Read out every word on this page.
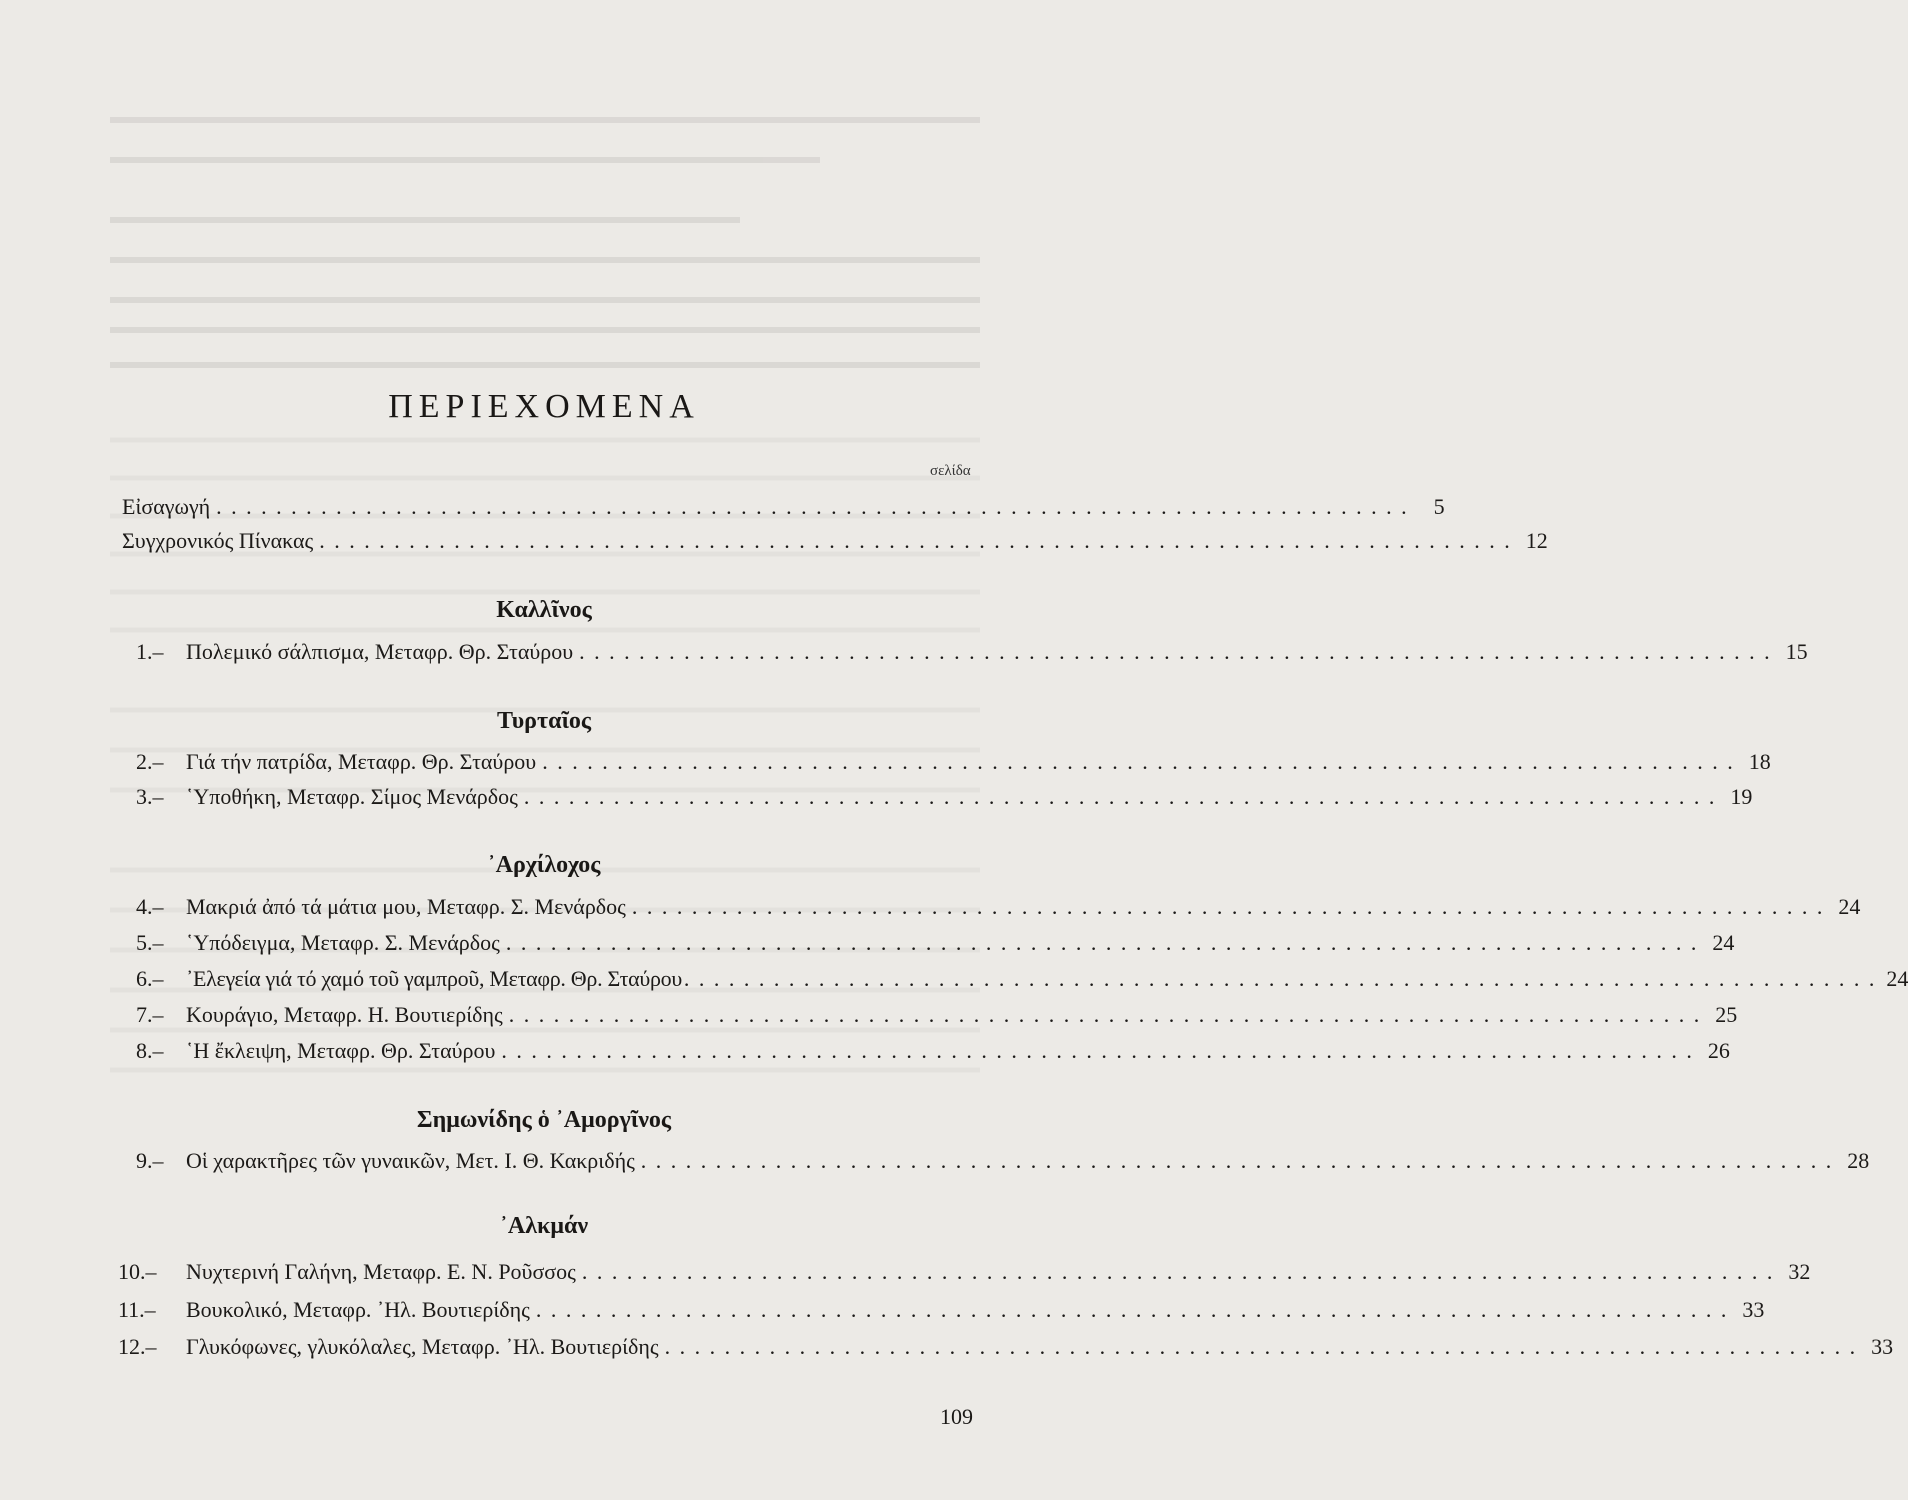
ΠΕΡΙΕΧΟΜΕΝΑ
σελίδα
Εἰσαγωγή . . . . . . . . . . . . . . . . . . . . . . . . . . . . . . . . . . . . . . . . . . . . . . . . . . . . . . . . . . . . . . . . . . . . . . . . . . . . . . . .	5
Συγχρονικός Πίνακας . . . . . . . . . . . . . . . . . . . . . . . . . . . . . . . . . . . . . . . . . . . . . . . . . . . . . . . . . . . . . . . . . . . . . . . . . . . . . . . . 12
Καλλῖνος
1.–	Πολεμικό σάλπισμα, Μεταφρ. Θρ. Σταύρου . . . . . . . . . . . . . . . . . . . . . . . . . . . . . . . . . . . . . . . . . . . . . . . . . . . . . . . . . . . . . . . . . . . . . . . . . . . . . . . . 15
Τυρταῖος
2.–	Γιά τήν πατρίδα, Μεταφρ. Θρ. Σταύρου . . . . . . . . . . . . . . . . . . . . . . . . . . . . . . . . . . . . . . . . . . . . . . . . . . . . . . . . . . . . . . . . . . . . . . . . . . . . . . . . 18
3.–	῾Υποθήκη, Μεταφρ. Σίμος Μενάρδος . . . . . . . . . . . . . . . . . . . . . . . . . . . . . . . . . . . . . . . . . . . . . . . . . . . . . . . . . . . . . . . . . . . . . . . . . . . . . . . . 19
᾿Αρχίλοχος
4.–	Μακριά ἀπό τά μάτια μου, Μεταφρ. Σ. Μενάρδος . . . . . . . . . . . . . . . . . . . . . . . . . . . . . . . . . . . . . . . . . . . . . . . . . . . . . . . . . . . . . . . . . . . . . . . . . . . . . . . . 24
5.–	῾Υπόδειγμα, Μεταφρ. Σ. Μενάρδος . . . . . . . . . . . . . . . . . . . . . . . . . . . . . . . . . . . . . . . . . . . . . . . . . . . . . . . . . . . . . . . . . . . . . . . . . . . . . . . . 24
6.–	᾿Ελεγεία γιά τό χαμό τοῦ γαμπροῦ, Μεταφρ. Θρ. Σταύρου . . . . . . . . . . . . . . . . . . . . . . . . . . . . . . . . . . . . . . . . . . . . . . . . . . . . . . . . . . . . . . . . . . . . . . . . . . . . . . . . 24
7.–	Κουράγιο, Μεταφρ. Η. Βουτιερίδης . . . . . . . . . . . . . . . . . . . . . . . . . . . . . . . . . . . . . . . . . . . . . . . . . . . . . . . . . . . . . . . . . . . . . . . . . . . . . . . . 25
8.–	῾Η ἔκλειψη, Μεταφρ. Θρ. Σταύρου . . . . . . . . . . . . . . . . . . . . . . . . . . . . . . . . . . . . . . . . . . . . . . . . . . . . . . . . . . . . . . . . . . . . . . . . . . . . . . . . 26
Σημωνίδης ὁ ᾿Αμοργῖνος
9.–	Οἱ χαρακτῆρες τῶν γυναικῶν, Μετ. Ι. Θ. Κακριδής . . . . . . . . . . . . . . . . . . . . . . . . . . . . . . . . . . . . . . . . . . . . . . . . . . . . . . . . . . . . . . . . . . . . . . . . . . . . . . . . 28
᾿Αλκμάν
10.–	Νυχτερινή Γαλήνη, Μεταφρ. Ε. Ν. Ροῦσσος . . . . . . . . . . . . . . . . . . . . . . . . . . . . . . . . . . . . . . . . . . . . . . . . . . . . . . . . . . . . . . . . . . . . . . . . . . . . . . . . 32
11.–	Βουκολικό, Μεταφρ. ᾿Ηλ. Βουτιερίδης . . . . . . . . . . . . . . . . . . . . . . . . . . . . . . . . . . . . . . . . . . . . . . . . . . . . . . . . . . . . . . . . . . . . . . . . . . . . . . . . 33
12.–	Γλυκόφωνες, γλυκόλαλες, Μεταφρ. ᾿Ηλ. Βουτιερίδης . . . . . . . . . . . . . . . . . . . . . . . . . . . . . . . . . . . . . . . . . . . . . . . . . . . . . . . . . . . . . . . . . . . . . . . . . . . . . . . . 33
109
